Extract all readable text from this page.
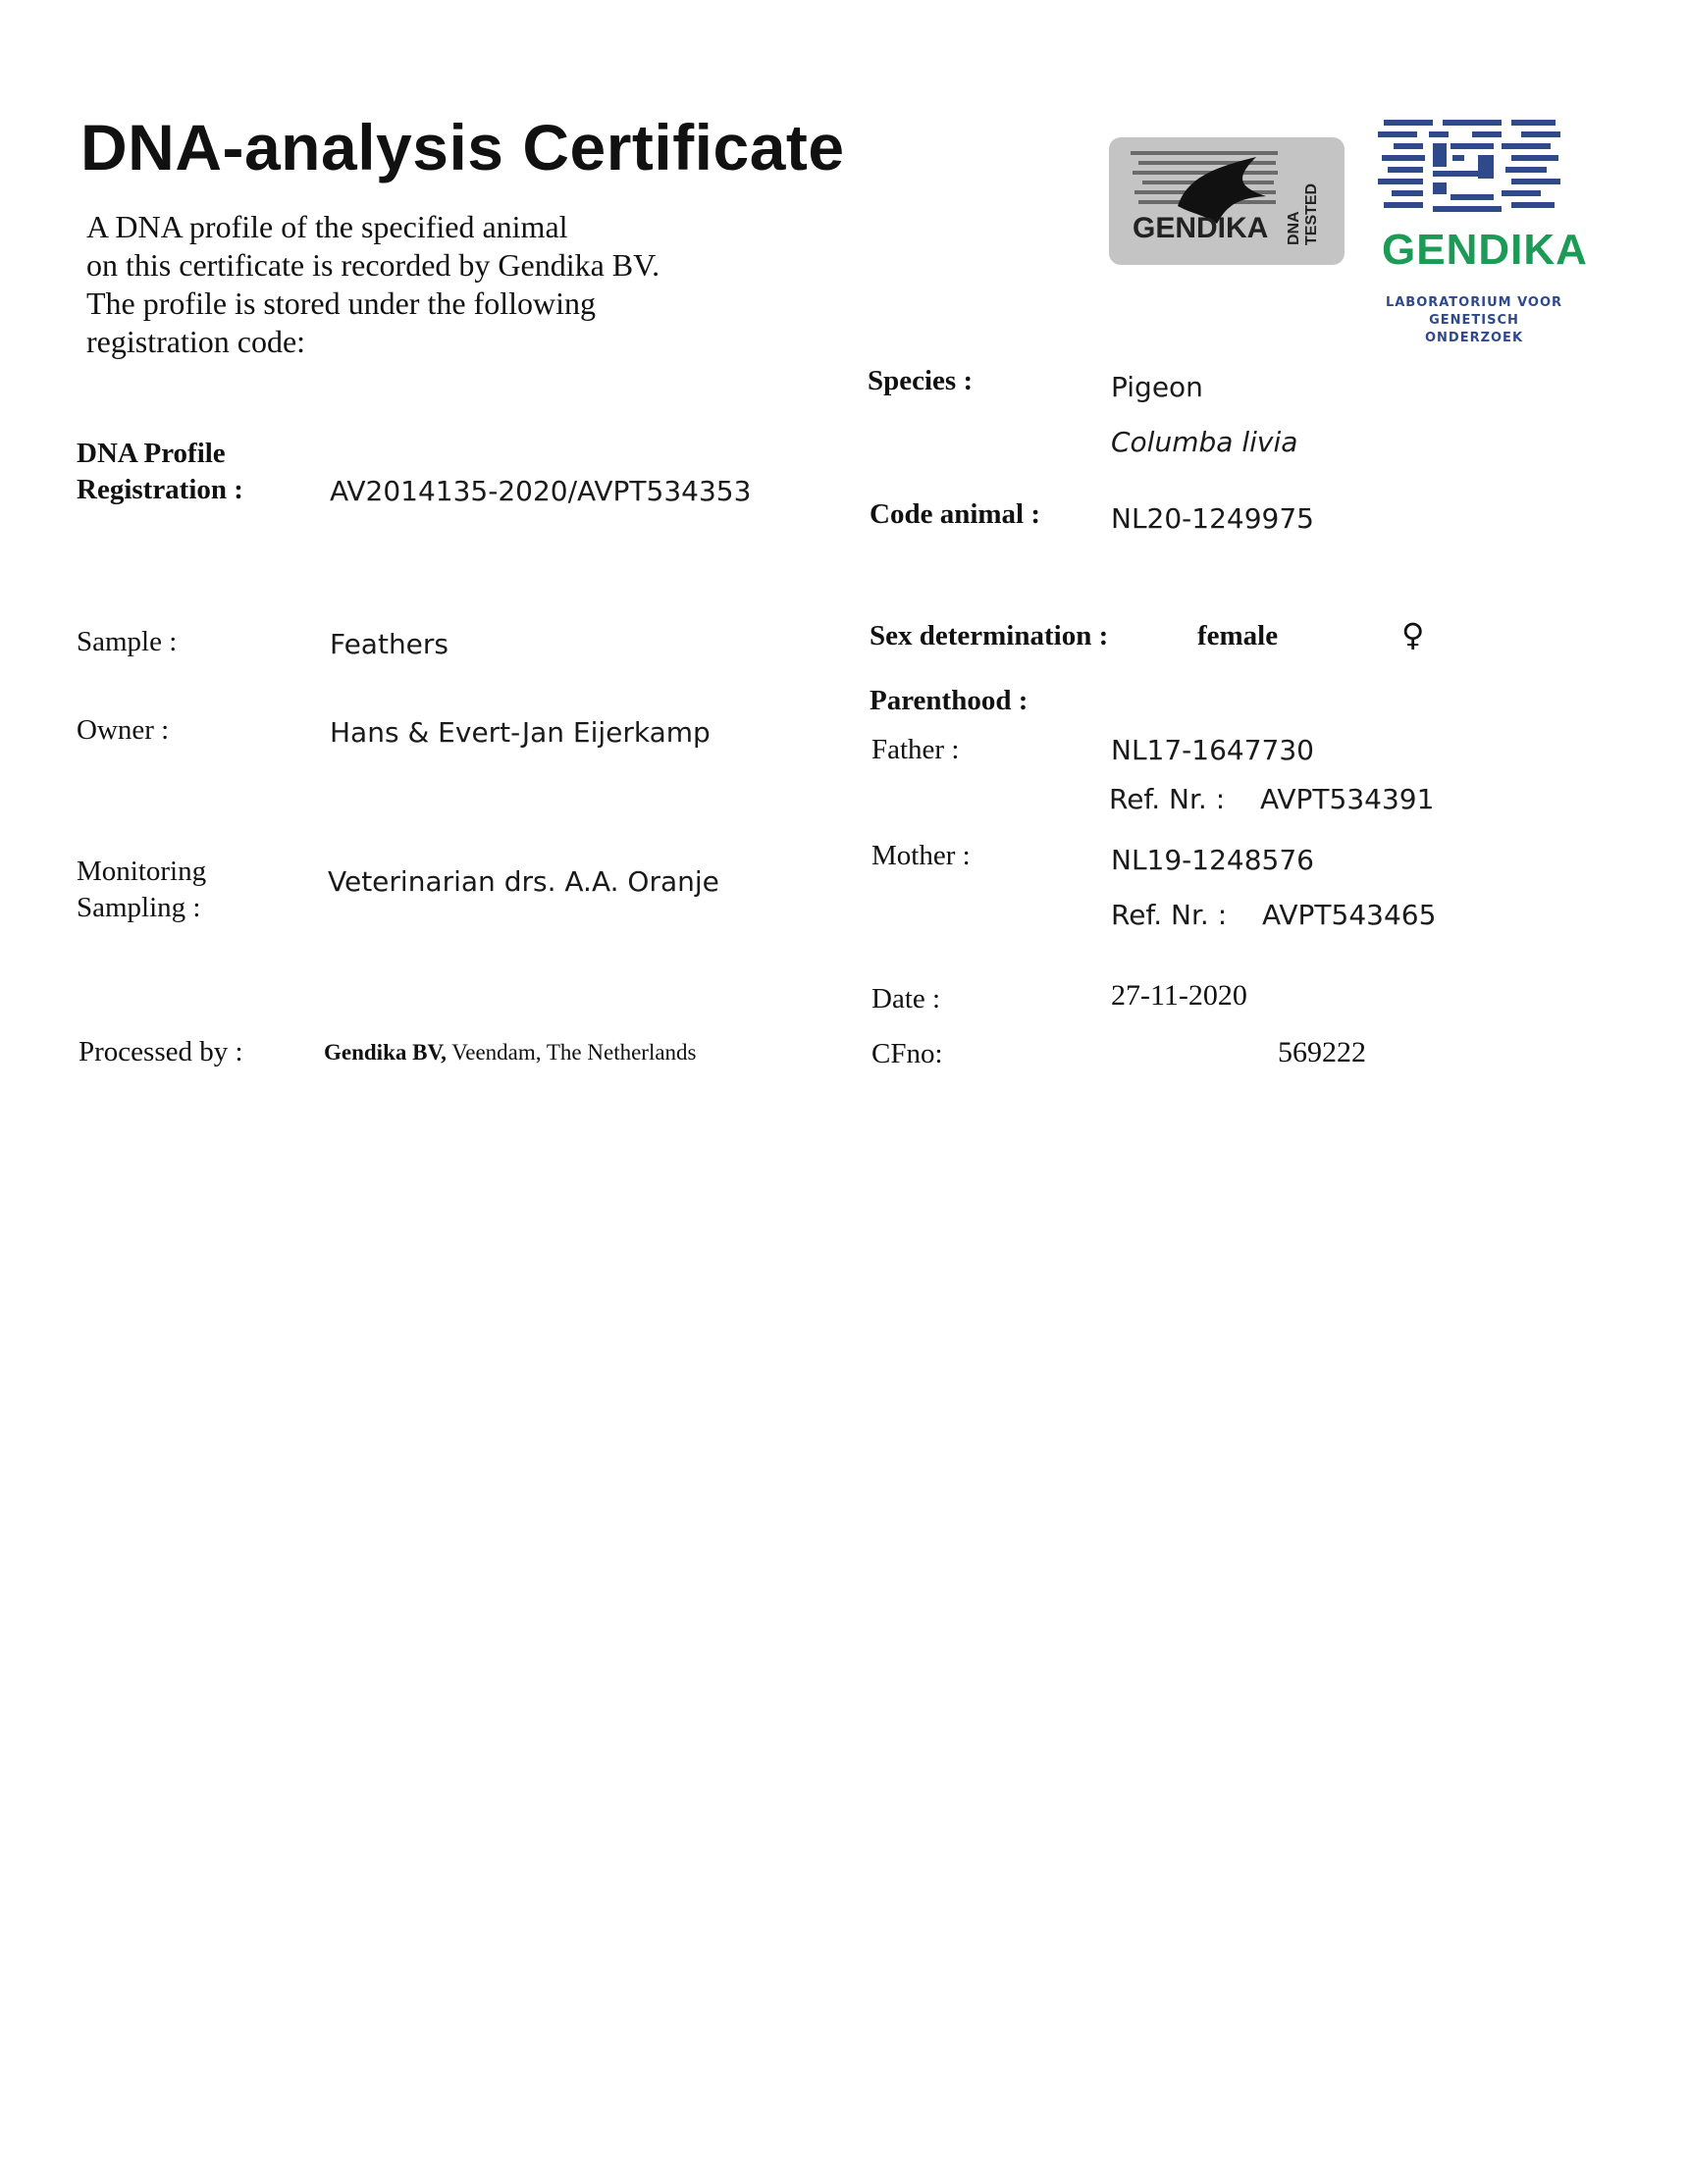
DNA-analysis Certificate
A DNA profile of the specified animal
on this certificate is recorded by Gendika BV.
The profile is stored under the following
registration code:
GENDIKA DNA TESTED
GENDIKA
LABORATORIUM VOOR
GENETISCH ONDERZOEK
DNA Profile
Registration :	AV2014135-2020/AVPT534353
Sample :	Feathers
Owner :	Hans & Evert-Jan Eijerkamp
Monitoring
Sampling :
Veterinarian drs. A.A. Oranje
Processed by :	Gendika BV, Veendam, The Netherlands
Species :	Pigeon
Columba livia
Code animal :	NL20-1249975
Sex determination :	female	♀
Parenthood :
Father :	NL17-1647730
Ref. Nr. : AVPT534391
Mother :	NL19-1248576
Ref. Nr. : AVPT543465
Date :	27-11-2020
CFno:	569222
